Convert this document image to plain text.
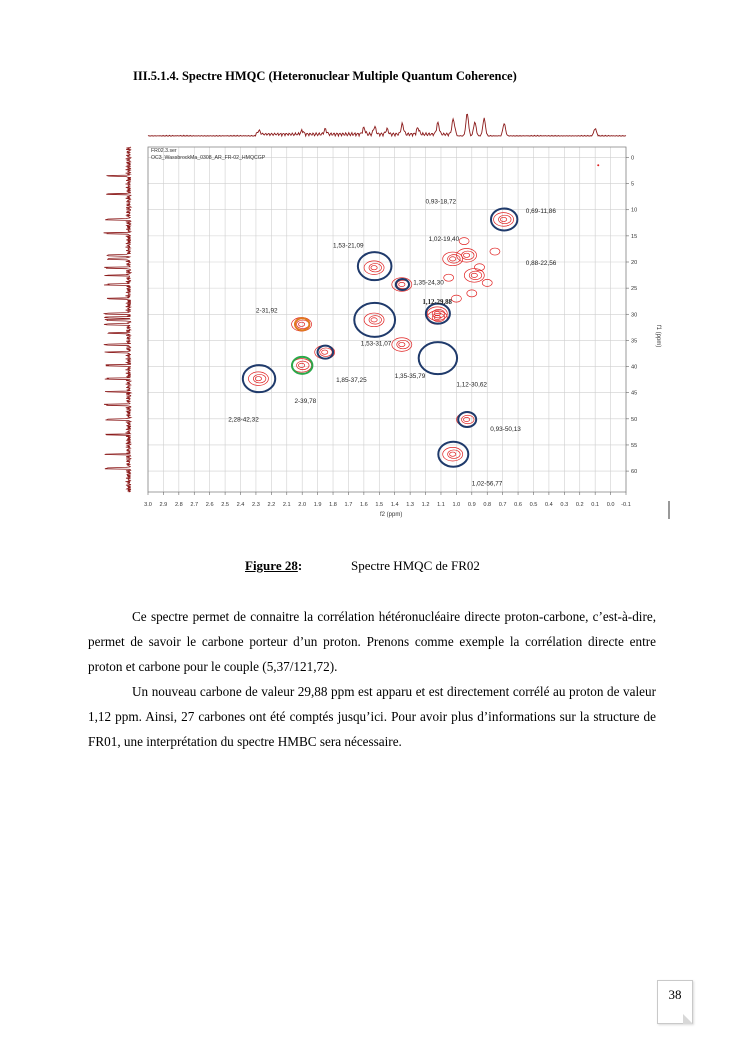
III.5.1.4. Spectre HMQC (Heteronuclear Multiple Quantum Coherence)
3.0 2.9 2.8 2.7 2.6 2.5 2.4 2.3 2.2 2.1 2.0 1.9 1.8 1.7 1.6 1.5 1.4 1.3 1.2 1.1 1.0 0.9 0.8 0.7 0.6 0.5 0.4 0.3 0.2 0.1 0.0 -0.1
0
5
10
15
20
25
30
35
40
45
50
55
60
0,93-18,72
0,69-11,86
1,53-21,09
1,02-19,40
0,88-22,56
1,35-24,30
1,12-29,88
2-31,92
1,53-31,07
1,85-37,25
1,35-35,79
1,12-30,62
2-39,78
2,28-42,32
0,93-50,13
1,02-56,77
FR02.3.ser
OC3_WassbrockMa_0308_AR_FR-02_HMQCGP
f2 (ppm)
f1 (ppm)
Figure 28:	Spectre HMQC de FR02

Ce spectre permet de connaitre la corrélation hétéronucléaire directe proton-carbone, c’est-à-dire, permet de savoir le carbone porteur d’un proton. Prenons comme exemple la corrélation directe entre proton et carbone pour le couple (5,37/121,72).

Un nouveau carbone de valeur 29,88 ppm est apparu et est directement corrélé au proton de valeur 1,12 ppm. Ainsi, 27 carbones ont été comptés jusqu’ici. Pour avoir plus d’informations sur la structure de FR01, une interprétation du spectre HMBC sera nécessaire.

38
